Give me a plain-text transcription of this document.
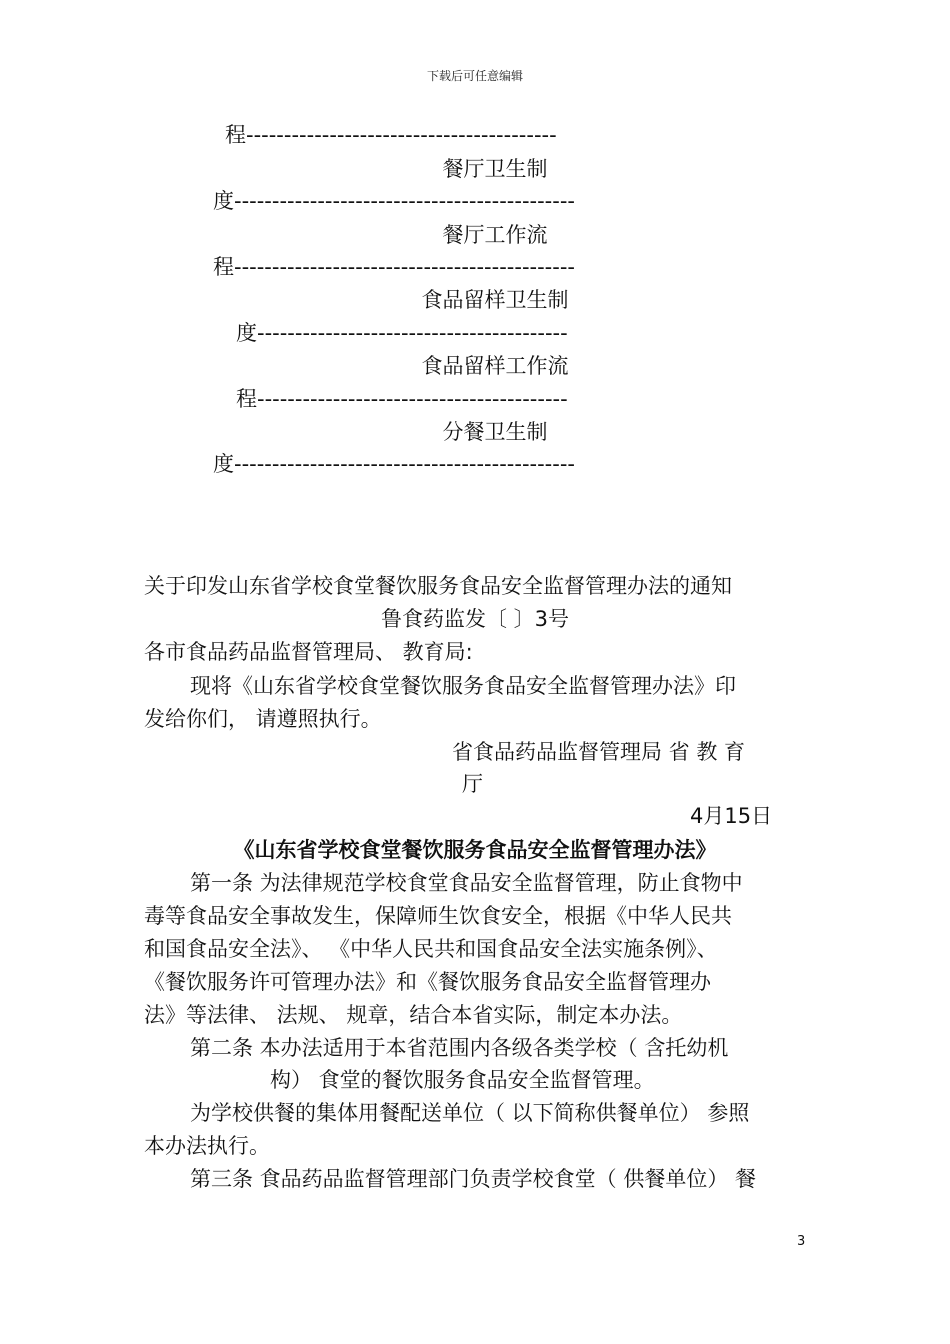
下载后可任意编辑
程-----------------------------------------
餐厅卫生制
度---------------------------------------------
餐厅工作流
程---------------------------------------------
食品留样卫生制
度-----------------------------------------
食品留样工作流
程-----------------------------------------
分餐卫生制
度---------------------------------------------
关于印发山东省学校食堂餐饮服务食品安全监督管理办法的通知
鲁食药监发〔 〕3号
各市食品药品监督管理局、 教育局:
现将《山东省学校食堂餐饮服务食品安全监督管理办法》印
发给你们， 请遵照执行。
省食品药品监督管理局 省 教 育
厅
4月15日
《山东省学校食堂餐饮服务食品安全监督管理办法》
第一条 为法律规范学校食堂食品安全监督管理，防止食物中
毒等食品安全事故发生，保障师生饮食安全，根据《中华人民共
和国食品安全法》、 《中华人民共和国食品安全法实施条例》、
《餐饮服务许可管理办法》和《餐饮服务食品安全监督管理办
法》等法律、 法规、 规章，结合本省实际，制定本办法。
第二条 本办法适用于本省范围内各级各类学校（ 含托幼机
构） 食堂的餐饮服务食品安全监督管理。
为学校供餐的集体用餐配送单位（ 以下简称供餐单位） 参照
本办法执行。
第三条 食品药品监督管理部门负责学校食堂（ 供餐单位） 餐
3
